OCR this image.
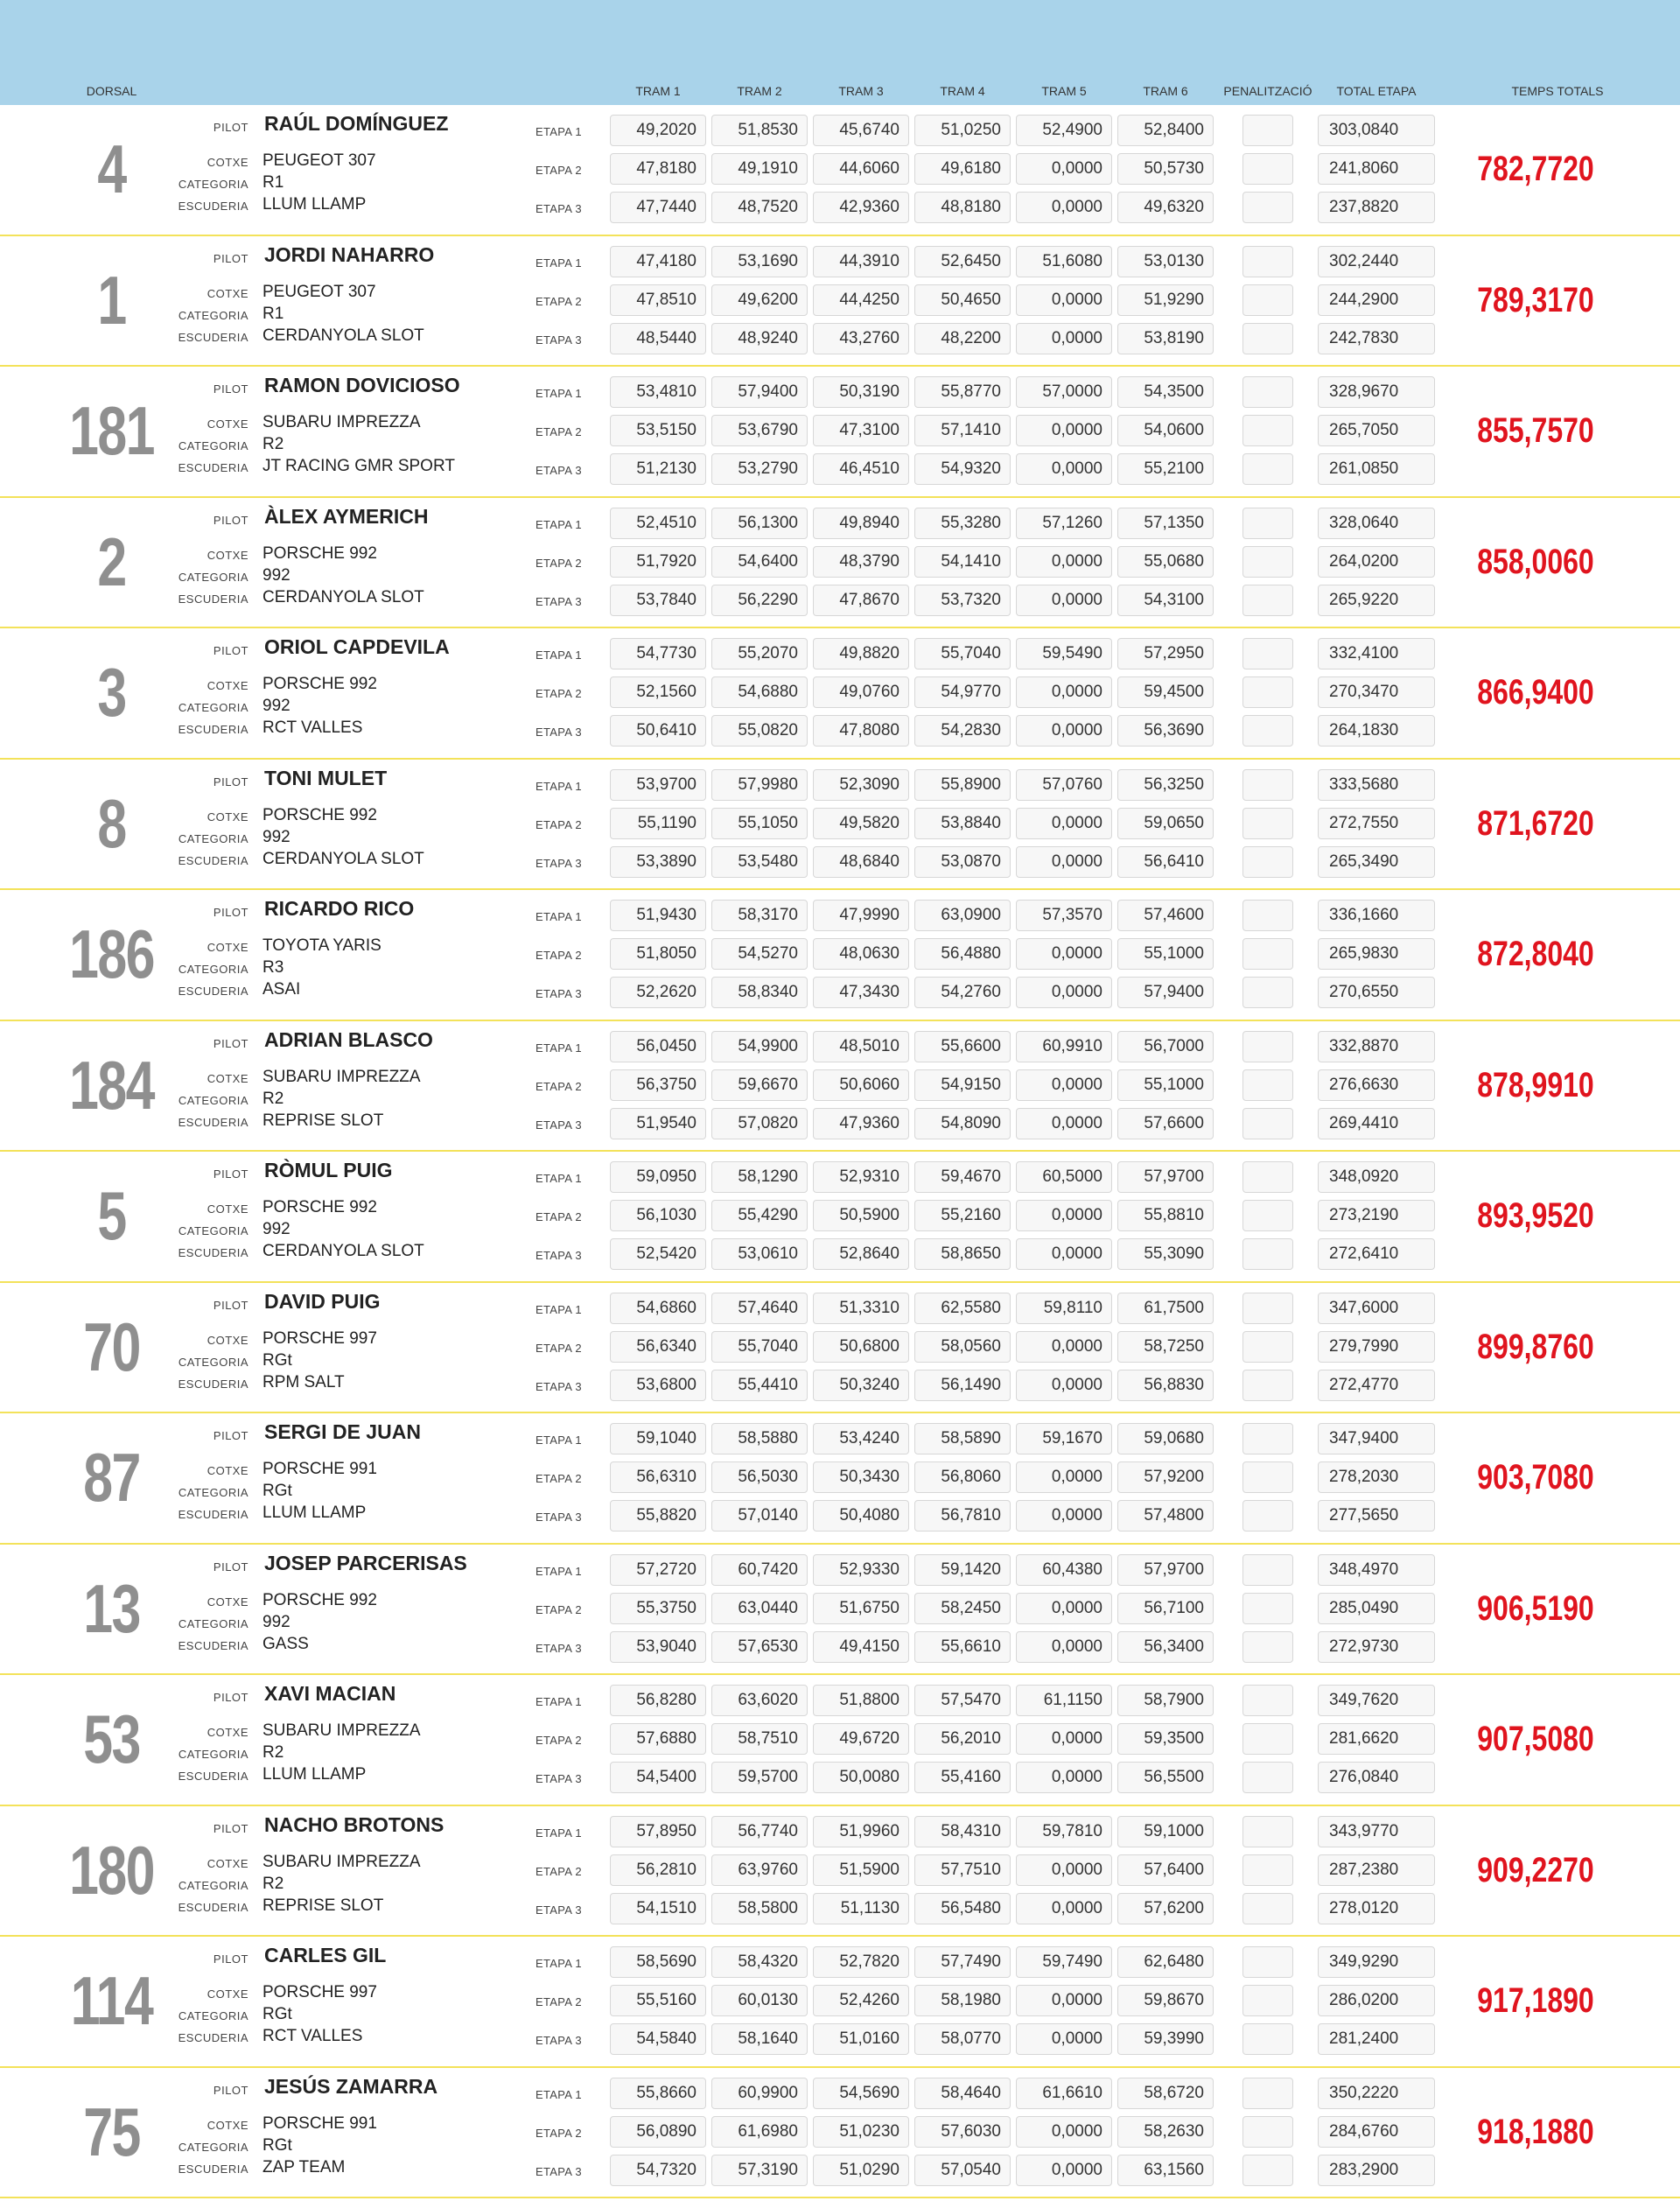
DORSAL	TRAM 1	TRAM 2	TRAM 3	TRAM 4	TRAM 5	TRAM 6	PENALITZACIÓ	TOTAL ETAPA	TEMPS TOTALS
4
PILOT RAÚL DOMÍNGUEZ
COTXE PEUGEOT 307
CATEGORIA R1
ESCUDERIA LLUM LLAMP
ETAPA 1	49,2020	51,8530	45,6740	51,0250	52,4900	52,8400	303,0840
ETAPA 2	47,8180	49,1910	44,6060	49,6180	0,0000	50,5730	241,8060
ETAPA 3	47,7440	48,7520	42,9360	48,8180	0,0000	49,6320	237,8820
782,7720
1
PILOT JORDI NAHARRO
COTXE PEUGEOT 307
CATEGORIA R1
ESCUDERIA CERDANYOLA SLOT
ETAPA 1	47,4180	53,1690	44,3910	52,6450	51,6080	53,0130	302,2440
ETAPA 2	47,8510	49,6200	44,4250	50,4650	0,0000	51,9290	244,2900
ETAPA 3	48,5440	48,9240	43,2760	48,2200	0,0000	53,8190	242,7830
789,3170
181
PILOT RAMON DOVICIOSO
COTXE SUBARU IMPREZZA
CATEGORIA R2
ESCUDERIA JT RACING GMR SPORT
ETAPA 1	53,4810	57,9400	50,3190	55,8770	57,0000	54,3500	328,9670
ETAPA 2	53,5150	53,6790	47,3100	57,1410	0,0000	54,0600	265,7050
ETAPA 3	51,2130	53,2790	46,4510	54,9320	0,0000	55,2100	261,0850
855,7570
2
PILOT ÀLEX AYMERICH
COTXE PORSCHE 992
CATEGORIA 992
ESCUDERIA CERDANYOLA SLOT
ETAPA 1	52,4510	56,1300	49,8940	55,3280	57,1260	57,1350	328,0640
ETAPA 2	51,7920	54,6400	48,3790	54,1410	0,0000	55,0680	264,0200
ETAPA 3	53,7840	56,2290	47,8670	53,7320	0,0000	54,3100	265,9220
858,0060
3
PILOT ORIOL CAPDEVILA
COTXE PORSCHE 992
CATEGORIA 992
ESCUDERIA RCT VALLES
ETAPA 1	54,7730	55,2070	49,8820	55,7040	59,5490	57,2950	332,4100
ETAPA 2	52,1560	54,6880	49,0760	54,9770	0,0000	59,4500	270,3470
ETAPA 3	50,6410	55,0820	47,8080	54,2830	0,0000	56,3690	264,1830
866,9400
8
PILOT TONI MULET
COTXE PORSCHE 992
CATEGORIA 992
ESCUDERIA CERDANYOLA SLOT
ETAPA 1	53,9700	57,9980	52,3090	55,8900	57,0760	56,3250	333,5680
ETAPA 2	55,1190	55,1050	49,5820	53,8840	0,0000	59,0650	272,7550
ETAPA 3	53,3890	53,5480	48,6840	53,0870	0,0000	56,6410	265,3490
871,6720
186
PILOT RICARDO RICO
COTXE TOYOTA YARIS
CATEGORIA R3
ESCUDERIA ASAI
ETAPA 1	51,9430	58,3170	47,9990	63,0900	57,3570	57,4600	336,1660
ETAPA 2	51,8050	54,5270	48,0630	56,4880	0,0000	55,1000	265,9830
ETAPA 3	52,2620	58,8340	47,3430	54,2760	0,0000	57,9400	270,6550
872,8040
184
PILOT ADRIAN BLASCO
COTXE SUBARU IMPREZZA
CATEGORIA R2
ESCUDERIA REPRISE SLOT
ETAPA 1	56,0450	54,9900	48,5010	55,6600	60,9910	56,7000	332,8870
ETAPA 2	56,3750	59,6670	50,6060	54,9150	0,0000	55,1000	276,6630
ETAPA 3	51,9540	57,0820	47,9360	54,8090	0,0000	57,6600	269,4410
878,9910
5
PILOT RÒMUL PUIG
COTXE PORSCHE 992
CATEGORIA 992
ESCUDERIA CERDANYOLA SLOT
ETAPA 1	59,0950	58,1290	52,9310	59,4670	60,5000	57,9700	348,0920
ETAPA 2	56,1030	55,4290	50,5900	55,2160	0,0000	55,8810	273,2190
ETAPA 3	52,5420	53,0610	52,8640	58,8650	0,0000	55,3090	272,6410
893,9520
70
PILOT DAVID PUIG
COTXE PORSCHE 997
CATEGORIA RGt
ESCUDERIA RPM SALT
ETAPA 1	54,6860	57,4640	51,3310	62,5580	59,8110	61,7500	347,6000
ETAPA 2	56,6340	55,7040	50,6800	58,0560	0,0000	58,7250	279,7990
ETAPA 3	53,6800	55,4410	50,3240	56,1490	0,0000	56,8830	272,4770
899,8760
87
PILOT SERGI DE JUAN
COTXE PORSCHE 991
CATEGORIA RGt
ESCUDERIA LLUM LLAMP
ETAPA 1	59,1040	58,5880	53,4240	58,5890	59,1670	59,0680	347,9400
ETAPA 2	56,6310	56,5030	50,3430	56,8060	0,0000	57,9200	278,2030
ETAPA 3	55,8820	57,0140	50,4080	56,7810	0,0000	57,4800	277,5650
903,7080
13
PILOT JOSEP PARCERISAS
COTXE PORSCHE 992
CATEGORIA 992
ESCUDERIA GASS
ETAPA 1	57,2720	60,7420	52,9330	59,1420	60,4380	57,9700	348,4970
ETAPA 2	55,3750	63,0440	51,6750	58,2450	0,0000	56,7100	285,0490
ETAPA 3	53,9040	57,6530	49,4150	55,6610	0,0000	56,3400	272,9730
906,5190
53
PILOT XAVI MACIAN
COTXE SUBARU IMPREZZA
CATEGORIA R2
ESCUDERIA LLUM LLAMP
ETAPA 1	56,8280	63,6020	51,8800	57,5470	61,1150	58,7900	349,7620
ETAPA 2	57,6880	58,7510	49,6720	56,2010	0,0000	59,3500	281,6620
ETAPA 3	54,5400	59,5700	50,0080	55,4160	0,0000	56,5500	276,0840
907,5080
180
PILOT NACHO BROTONS
COTXE SUBARU IMPREZZA
CATEGORIA R2
ESCUDERIA REPRISE SLOT
ETAPA 1	57,8950	56,7740	51,9960	58,4310	59,7810	59,1000	343,9770
ETAPA 2	56,2810	63,9760	51,5900	57,7510	0,0000	57,6400	287,2380
ETAPA 3	54,1510	58,5800	51,1130	56,5480	0,0000	57,6200	278,0120
909,2270
114
PILOT CARLES GIL
COTXE PORSCHE 997
CATEGORIA RGt
ESCUDERIA RCT VALLES
ETAPA 1	58,5690	58,4320	52,7820	57,7490	59,7490	62,6480	349,9290
ETAPA 2	55,5160	60,0130	52,4260	58,1980	0,0000	59,8670	286,0200
ETAPA 3	54,5840	58,1640	51,0160	58,0770	0,0000	59,3990	281,2400
917,1890
75
PILOT JESÚS ZAMARRA
COTXE PORSCHE 991
CATEGORIA RGt
ESCUDERIA ZAP TEAM
ETAPA 1	55,8660	60,9900	54,5690	58,4640	61,6610	58,6720	350,2220
ETAPA 2	56,0890	61,6980	51,0230	57,6030	0,0000	58,2630	284,6760
ETAPA 3	54,7320	57,3190	51,0290	57,0540	0,0000	63,1560	283,2900
918,1880
